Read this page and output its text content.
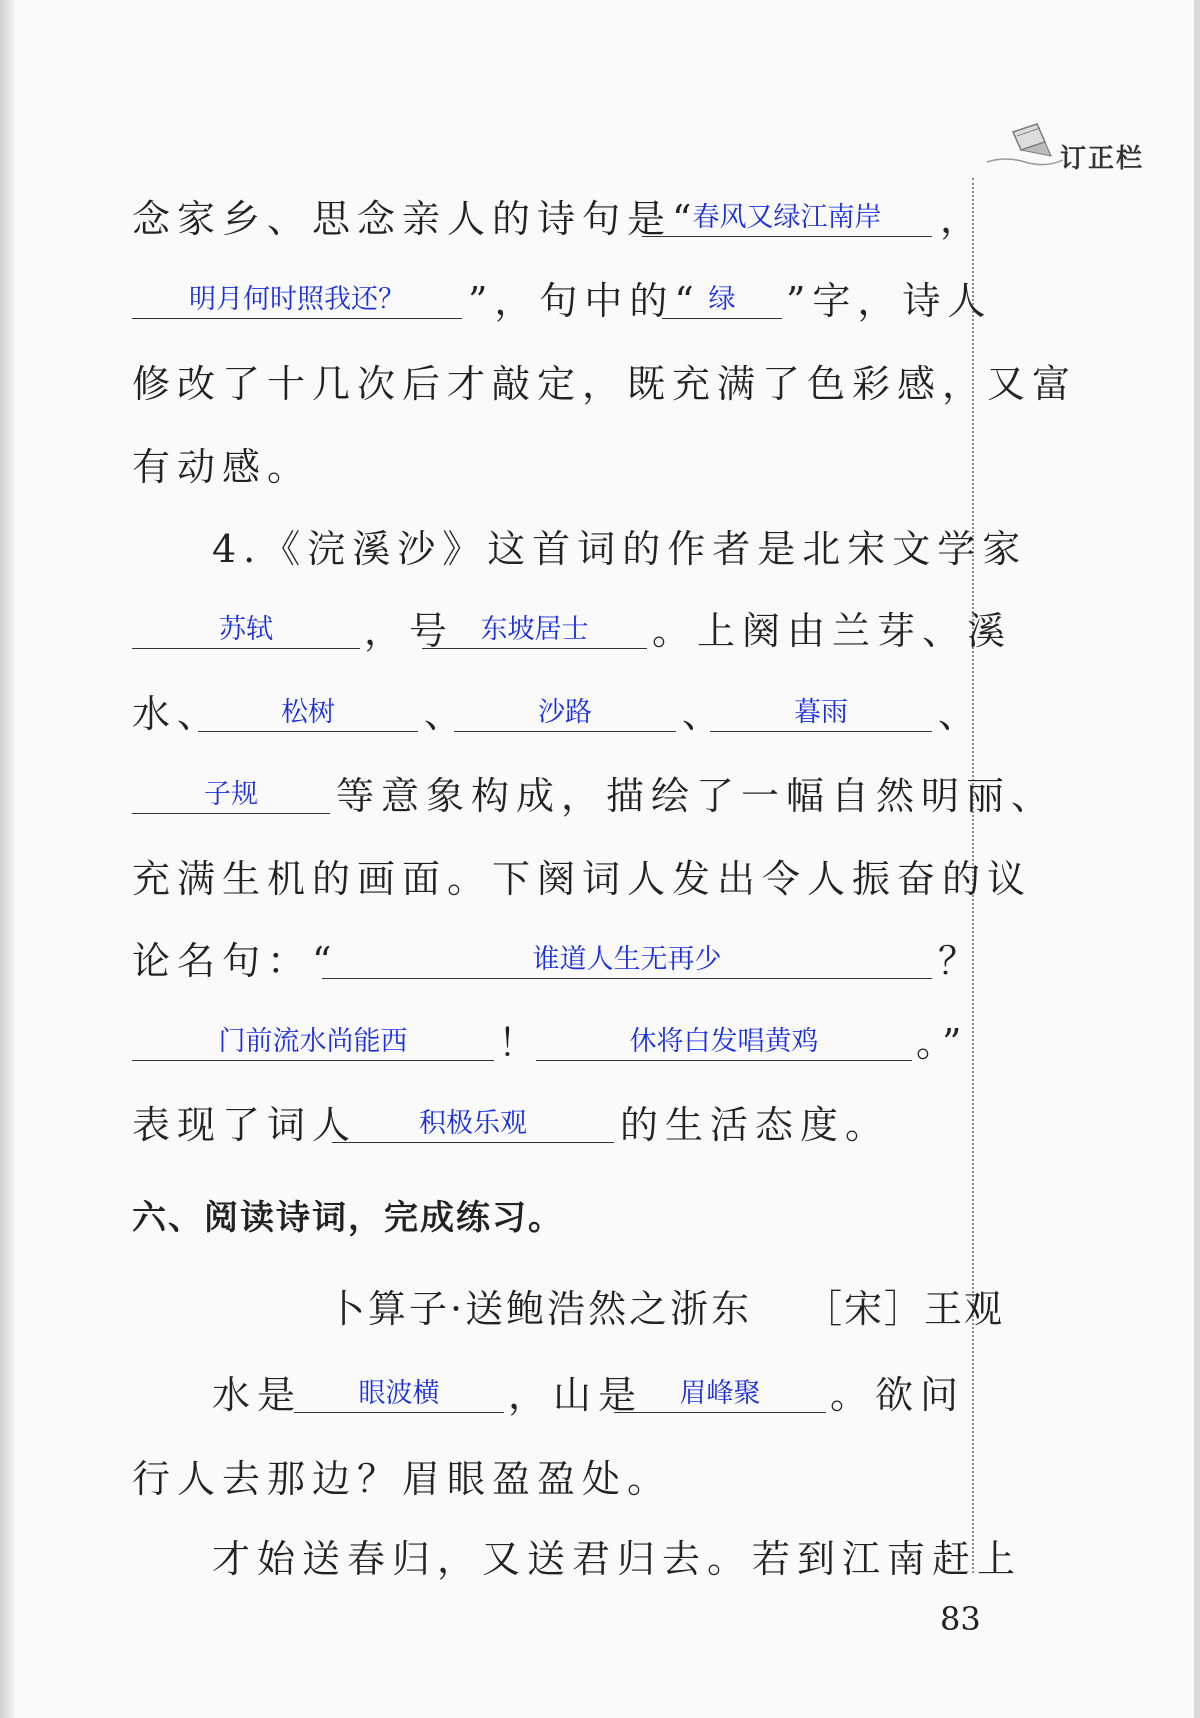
订正栏
念家乡、思念亲人的诗句是“
春风又绿江南岸	，
明月何时照我还？	”，句中的“ 绿	”字，诗人
修改了十几次后才敲定，既充满了色彩感，又富
有动感。
4.《浣溪沙》这首词的作者是北宋文学家
苏轼	，号 东坡居士	。上阕由兰芽、溪
水、	松树	、	沙路	、	暮雨	、
子规	等意象构成，描绘了一幅自然明丽、
充满生机的画面。下阕词人发出令人振奋的议
论名句：“	谁道人生无再少	？
门前流水尚能西	！	休将白发唱黄鸡	。”
表现了词人	积极乐观	的生活态度。
六、阅读诗词，完成练习。
卜算子·送鲍浩然之浙东 ［宋］王观
水是	眼波横	，山是	眉峰聚	。欲问
行人去那边？眉眼盈盈处。
才始送春归，又送君归去。若到江南赶上
83
